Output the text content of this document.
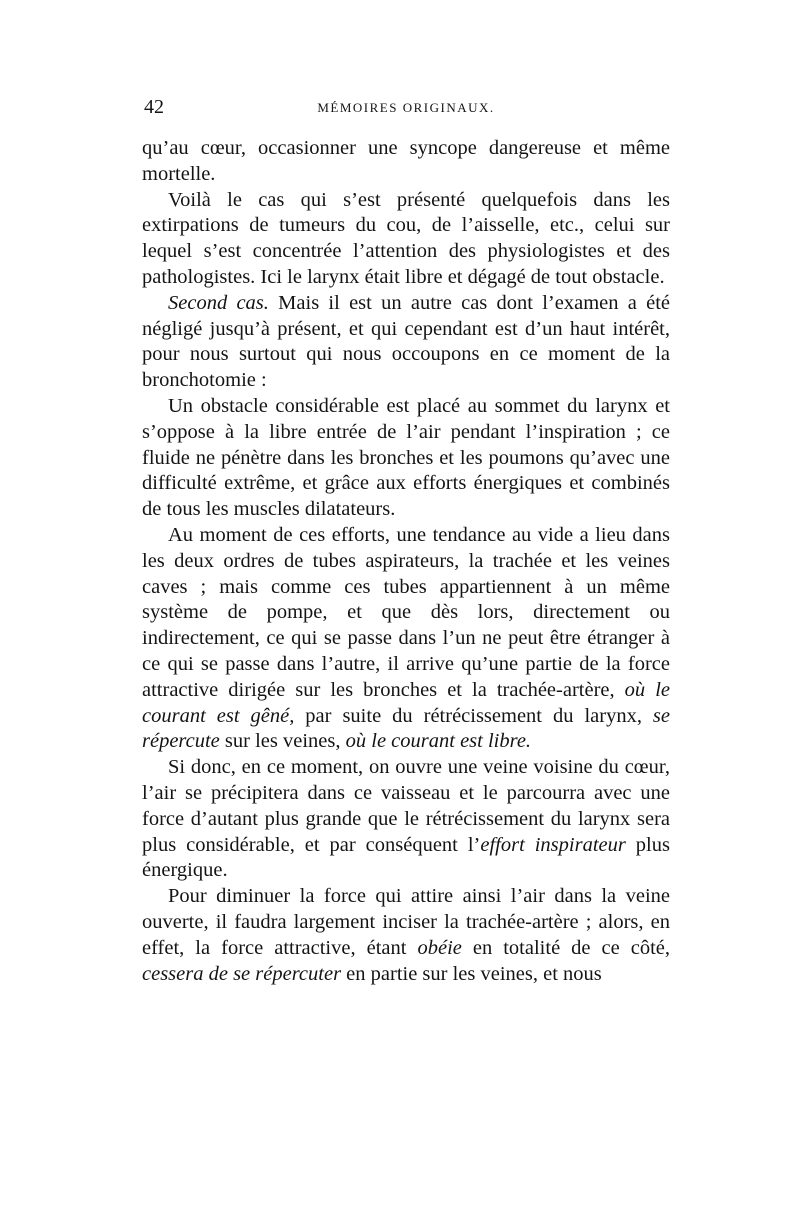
42	MÉMOIRES ORIGINAUX.

qu’au cœur, occasionner une syncope dangereuse et même mortelle.

Voilà le cas qui s’est présenté quelquefois dans les extirpations de tumeurs du cou, de l’aisselle, etc., celui sur lequel s’est concentrée l’attention des physiologistes et des pathologistes. Ici le larynx était libre et dégagé de tout obstacle.

Second cas. Mais il est un autre cas dont l’examen a été négligé jusqu’à présent, et qui cependant est d’un haut intérêt, pour nous surtout qui nous occoupons en ce moment de la bronchotomie :

Un obstacle considérable est placé au sommet du larynx et s’oppose à la libre entrée de l’air pendant l’inspiration ; ce fluide ne pénètre dans les bronches et les poumons qu’avec une difficulté extrême, et grâce aux efforts énergiques et combinés de tous les muscles dilatateurs.

Au moment de ces efforts, une tendance au vide a lieu dans les deux ordres de tubes aspirateurs, la trachée et les veines caves ; mais comme ces tubes appartiennent à un même système de pompe, et que dès lors, directement ou indirectement, ce qui se passe dans l’un ne peut être étranger à ce qui se passe dans l’autre, il arrive qu’une partie de la force attractive dirigée sur les bronches et la trachée-artère, où le courant est gêné, par suite du rétrécissement du larynx, se répercute sur les veines, où le courant est libre.

Si donc, en ce moment, on ouvre une veine voisine du cœur, l’air se précipitera dans ce vaisseau et le parcourra avec une force d’autant plus grande que le rétrécissement du larynx sera plus considérable, et par conséquent l’effort inspirateur plus énergique.

Pour diminuer la force qui attire ainsi l’air dans la veine ouverte, il faudra largement inciser la trachée-artère ; alors, en effet, la force attractive, étant obéie en totalité de ce côté, cessera de se répercuter en partie sur les veines, et nous
